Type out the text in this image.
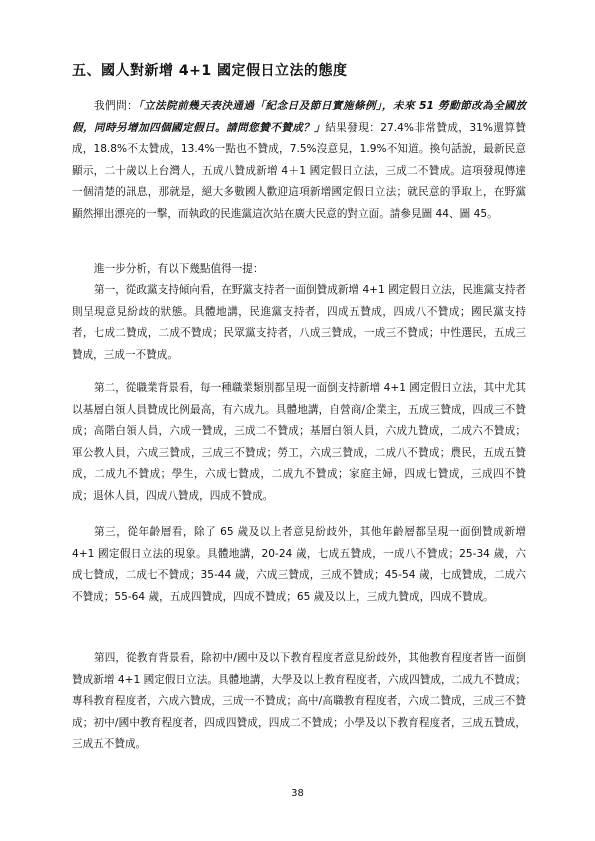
五、國人對新增 4+1 國定假日立法的態度

我們問：「立法院前幾天表決通過「紀念日及節日實施條例」，未來 51 勞動節改為全國放假，同時另增加四個國定假日。請問您贊不贊成？」結果發現：27.4%非常贊成，31%還算贊成，18.8%不太贊成，13.4%一點也不贊成，7.5%沒意見，1.9%不知道。換句話說，最新民意顯示，二十歲以上台灣人，五成八贊成新增 4＋1 國定假日立法，三成二不贊成。這項發現傳達一個清楚的訊息，那就是，絕大多數國人歡迎這項新增國定假日立法；就民意的爭取上，在野黨顯然揮出漂亮的一擊，而執政的民進黨這次站在廣大民意的對立面。請參見圖 44、圖 45。

進一步分析，有以下幾點值得一提：

第一，從政黨支持傾向看，在野黨支持者一面倒贊成新增 4+1 國定假日立法，民進黨支持者則呈現意見紛歧的狀態。具體地講，民進黨支持者，四成五贊成，四成八不贊成；國民黨支持者，七成二贊成，二成不贊成；民眾黨支持者，八成三贊成，一成三不贊成；中性選民，五成三贊成，三成一不贊成。

第二，從職業背景看，每一種職業類別都呈現一面倒支持新增 4+1 國定假日立法，其中尤其以基層白領人員贊成比例最高，有六成九。具體地講，自營商/企業主，五成三贊成，四成三不贊成；高階白領人員，六成一贊成，三成二不贊成；基層白領人員，六成九贊成，二成六不贊成；軍公教人員，六成三贊成，三成三不贊成；勞工，六成三贊成，二成八不贊成；農民，五成五贊成，二成九不贊成；學生，六成七贊成，二成九不贊成；家庭主婦，四成七贊成，三成四不贊成；退休人員，四成八贊成，四成不贊成。

第三，從年齡層看，除了 65 歲及以上者意見紛歧外，其他年齡層都呈現一面倒贊成新增 4+1 國定假日立法的現象。具體地講，20-24 歲，七成五贊成，一成八不贊成；25-34 歲，六成七贊成，二成七不贊成；35-44 歲，六成三贊成，三成不贊成；45-54 歲，七成贊成，二成六不贊成；55-64 歲，五成四贊成，四成不贊成；65 歲及以上，三成九贊成，四成不贊成。

第四，從教育背景看，除初中/國中及以下教育程度者意見紛歧外，其他教育程度者皆一面倒贊成新增 4+1 國定假日立法。具體地講，大學及以上教育程度者，六成四贊成，二成九不贊成；專科教育程度者，六成六贊成，三成一不贊成；高中/高職教育程度者，六成二贊成，三成三不贊成；初中/國中教育程度者，四成四贊成，四成二不贊成；小學及以下教育程度者，三成五贊成，三成五不贊成。

38
